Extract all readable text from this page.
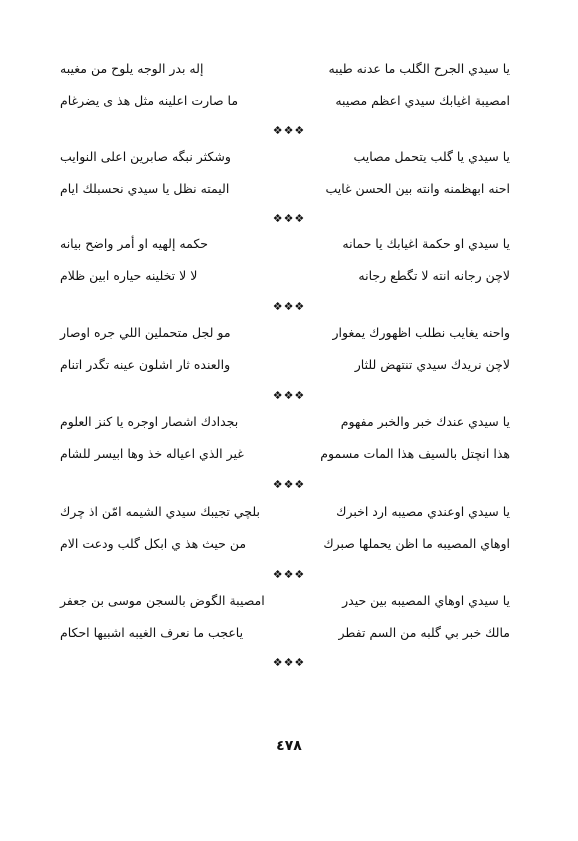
يا سيدي الجرح الگلب ما عدنه طيبه
إله بدر الوجه يلوح من مغيبه
امصيبة اغيابك سيدي اعظم مصيبه
ما صارت اعلينه مثل هذ ى يضرغام
❖❖❖
يا سيدي يا گلب يتحمل مصايب
وشكثر نبگه صابرين اعلى النوايب
احنه ابهظمنه وانته بين الحسن غايب
اليمته نظل يا سيدي نحسبلك ايام
❖❖❖
يا سيدي او حكمة اغيابك يا حمانه
حكمه إلهيه او أمر واضح بيانه
لاچن رجانه انته لا تگطع رجانه
لا لا تخلينه حياره ابين ظلام
❖❖❖
واحنه يغايب نطلب اظهورك يمغوار
مو لجل متحملين اللي جره اوصار
لاچن نريدك سيدي تنتهض للثار
والعنده ثار اشلون عينه تگدر اتنام
❖❖❖
يا سيدي عندك خبر والخبر مفهوم
بجدادك اشصار اوجره يا كنز العلوم
هذا انچتل بالسيف هذا المات مسموم
غير الذي اعياله خذ وها ابيسر للشام
❖❖❖
يا سيدي اوعندي مصيبه ارد اخبرك
بلچي تجيبك سيدي الشيمه امّن اذ چرك
اوهاي المصيبه ما اظن يحملها صبرك
من حيث هذ ي ابكل گلب ودعت الام
❖❖❖
يا سيدي اوهاي المصيبه بين حيدر
امصيبة الگوض بالسجن موسى بن جعفر
مالك خبر بي گلبه من السم تفطر
ياعجب ما نعرف الغيبه اشبيها احكام
❖❖❖
٤٧٨
